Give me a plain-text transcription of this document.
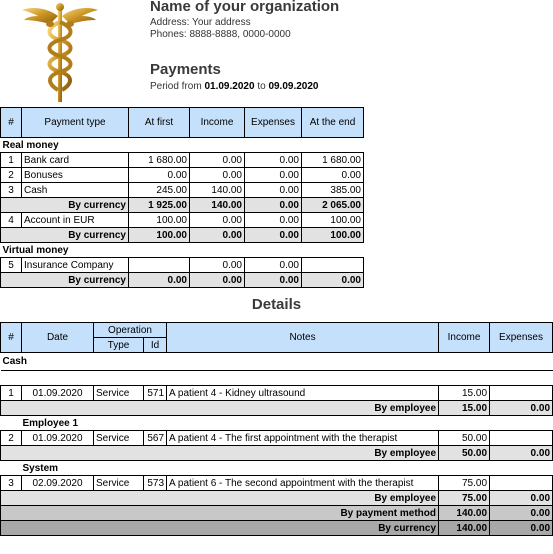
Name of your organization
Address: Your address
Phones: 8888-8888, 0000-0000
Payments
Period from 01.09.2020 to 09.09.2020
#	Payment type	At first	Income	Expenses	At the end
Real money					
1	Bank card	1 680.00	0.00	0.00	1 680.00
2	Bonuses	0.00	0.00	0.00	0.00
3	Cash	245.00	140.00	0.00	385.00
By currency		1 925.00	140.00	0.00	2 065.00
4	Account in EUR	100.00	0.00	0.00	100.00
By currency		100.00	0.00	0.00	100.00
Virtual money					
5	Insurance Company		0.00	0.00	
By currency		0.00	0.00	0.00	0.00
Details
#	Date	Operation		Notes	Income	Expenses
		Type	Id			
Cash						

1	01.09.2020	Service	571	A patient 4 - Kidney ultrasound	15.00	
By employee					15.00	0.00
Employee 1						
2	01.09.2020	Service	567	A patient 4 - The first appointment with the therapist	50.00	
By employee					50.00	0.00
System						
3	02.09.2020	Service	573	A patient 6 - The second appointment with the therapist	75.00	
By employee					75.00	0.00
By payment method					140.00	0.00
By currency					140.00	0.00
